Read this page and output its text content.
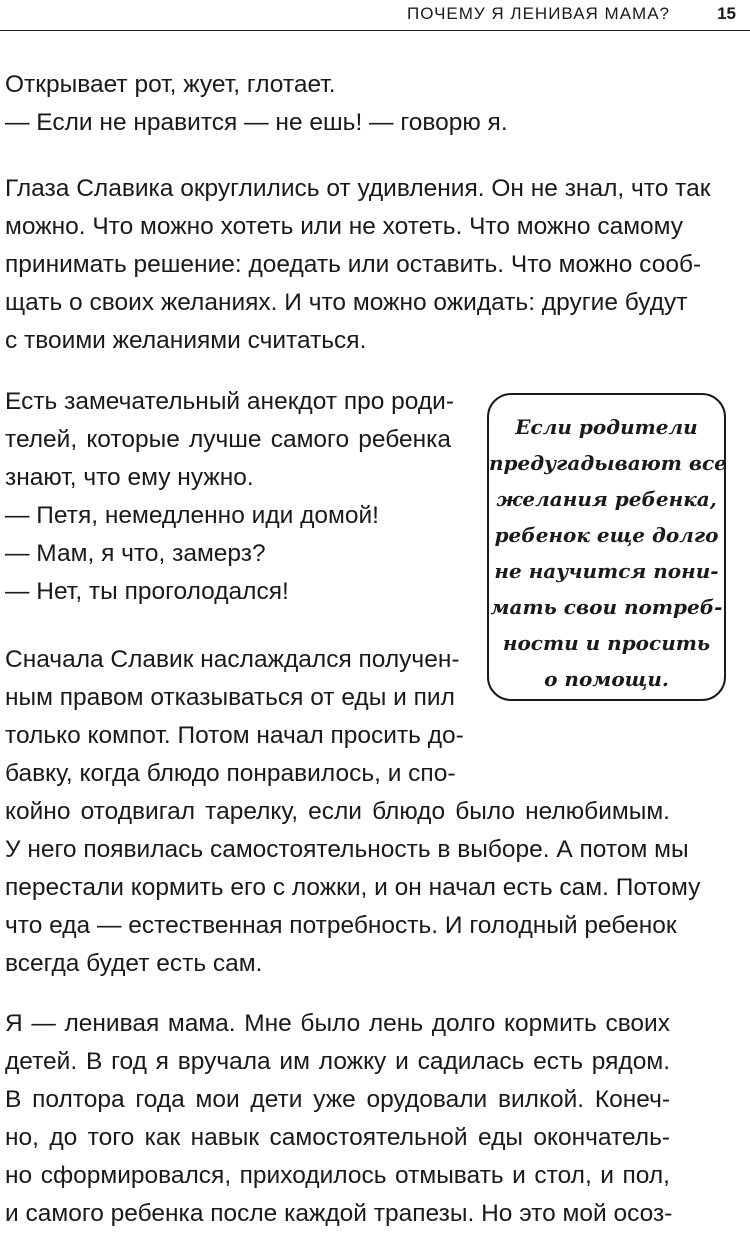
ПОЧЕМУ Я ЛЕНИВАЯ МАМА?	15
Открывает рот, жует, глотает.
— Если не нравится — не ешь! — говорю я.
Глаза Славика округлились от удивления. Он не знал, что так
можно. Что можно хотеть или не хотеть. Что можно самому
принимать решение: доедать или оставить. Что можно сооб-
щать о своих желаниях. И что можно ожидать: другие будут
с твоими желаниями считаться.
Есть замечательный анекдот про роди-
телей, которые лучше самого ребенка
знают, что ему нужно.
— Петя, немедленно иди домой!
— Мам, я что, замерз?
— Нет, ты проголодался!
Сначала Славик наслаждался получен-
ным правом отказываться от еды и пил
только компот. Потом начал просить до-
бавку, когда блюдо понравилось, и спо-
койно отодвигал тарелку, если блюдо было нелюбимым.
У него появилась самостоятельность в выборе. А потом мы
перестали кормить его с ложки, и он начал есть сам. Потому
что еда — естественная потребность. И голодный ребенок
всегда будет есть сам.
Я — ленивая мама. Мне было лень долго кормить своих
детей. В год я вручала им ложку и садилась есть рядом.
В полтора года мои дети уже орудовали вилкой. Конеч-
но, до того как навык самостоятельной еды окончатель-
но сформировался, приходилось отмывать и стол, и пол,
и самого ребенка после каждой трапезы. Но это мой осоз-
Если родители
предугадывают все
желания ребенка,
ребенок еще долго
не научится пони-
мать свои потреб-
ности и просить
о помощи.
